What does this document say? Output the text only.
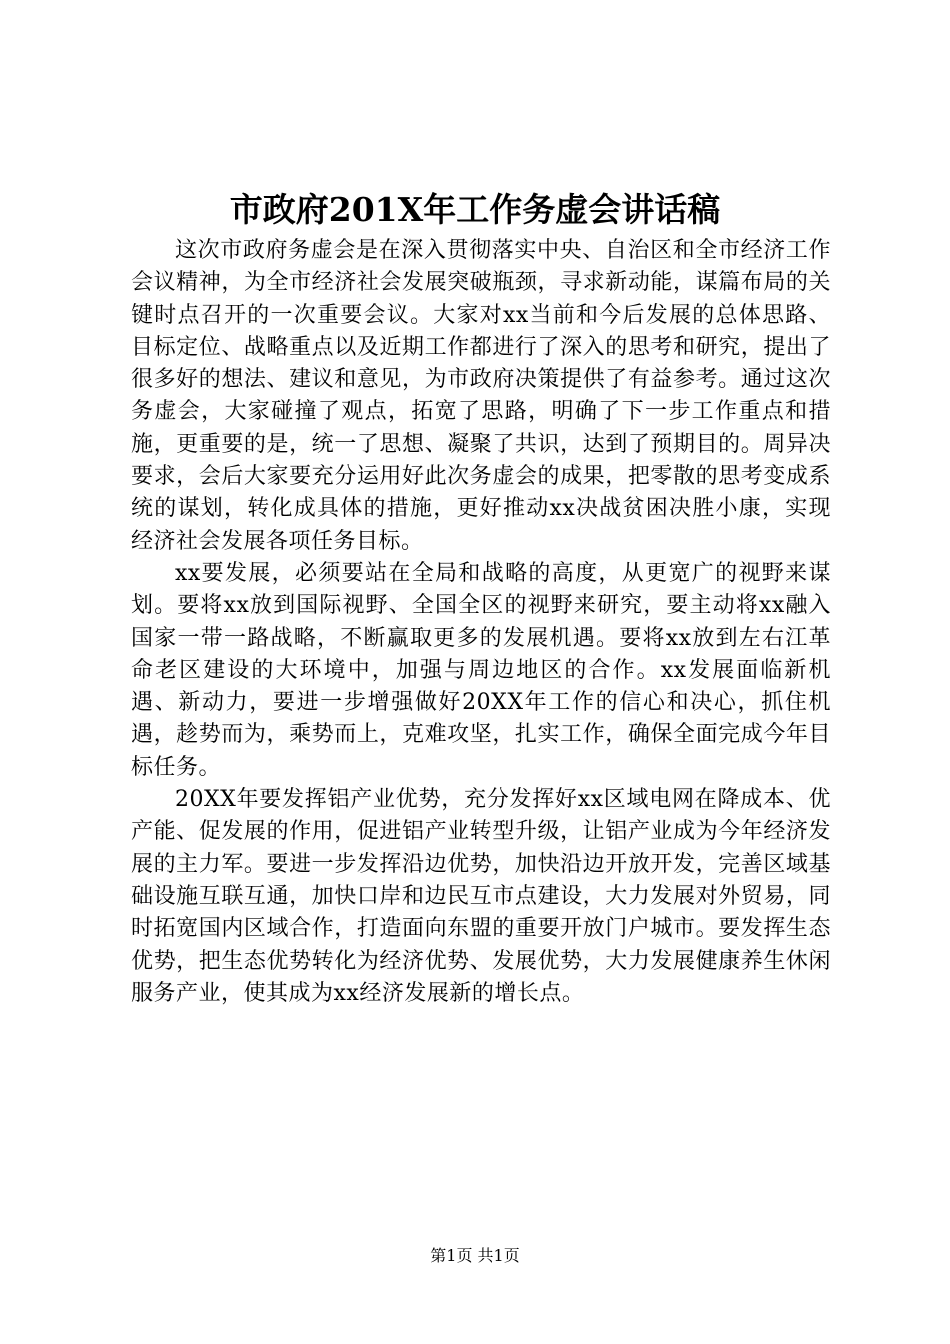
市政府201X年工作务虚会讲话稿

这次市政府务虚会是在深入贯彻落实中央、自治区和全市经济工作会议精神，为全市经济社会发展突破瓶颈，寻求新动能，谋篇布局的关键时点召开的一次重要会议。大家对xx当前和今后发展的总体思路、目标定位、战略重点以及近期工作都进行了深入的思考和研究，提出了很多好的想法、建议和意见，为市政府决策提供了有益参考。通过这次务虚会，大家碰撞了观点，拓宽了思路，明确了下一步工作重点和措施，更重要的是，统一了思想、凝聚了共识，达到了预期目的。周异决要求，会后大家要充分运用好此次务虚会的成果，把零散的思考变成系统的谋划，转化成具体的措施，更好推动xx决战贫困决胜小康，实现经济社会发展各项任务目标。

xx要发展，必须要站在全局和战略的高度，从更宽广的视野来谋划。要将xx放到国际视野、全国全区的视野来研究，要主动将xx融入国家一带一路战略，不断赢取更多的发展机遇。要将xx放到左右江革命老区建设的大环境中，加强与周边地区的合作。xx发展面临新机遇、新动力，要进一步增强做好20XX年工作的信心和决心，抓住机遇，趁势而为，乘势而上，克难攻坚，扎实工作，确保全面完成今年目标任务。

20XX年要发挥铝产业优势，充分发挥好xx区域电网在降成本、优产能、促发展的作用，促进铝产业转型升级，让铝产业成为今年经济发展的主力军。要进一步发挥沿边优势，加快沿边开放开发，完善区域基础设施互联互通，加快口岸和边民互市点建设，大力发展对外贸易，同时拓宽国内区域合作，打造面向东盟的重要开放门户城市。要发挥生态优势，把生态优势转化为经济优势、发展优势，大力发展健康养生休闲服务产业，使其成为xx经济发展新的增长点。

第1页 共1页
